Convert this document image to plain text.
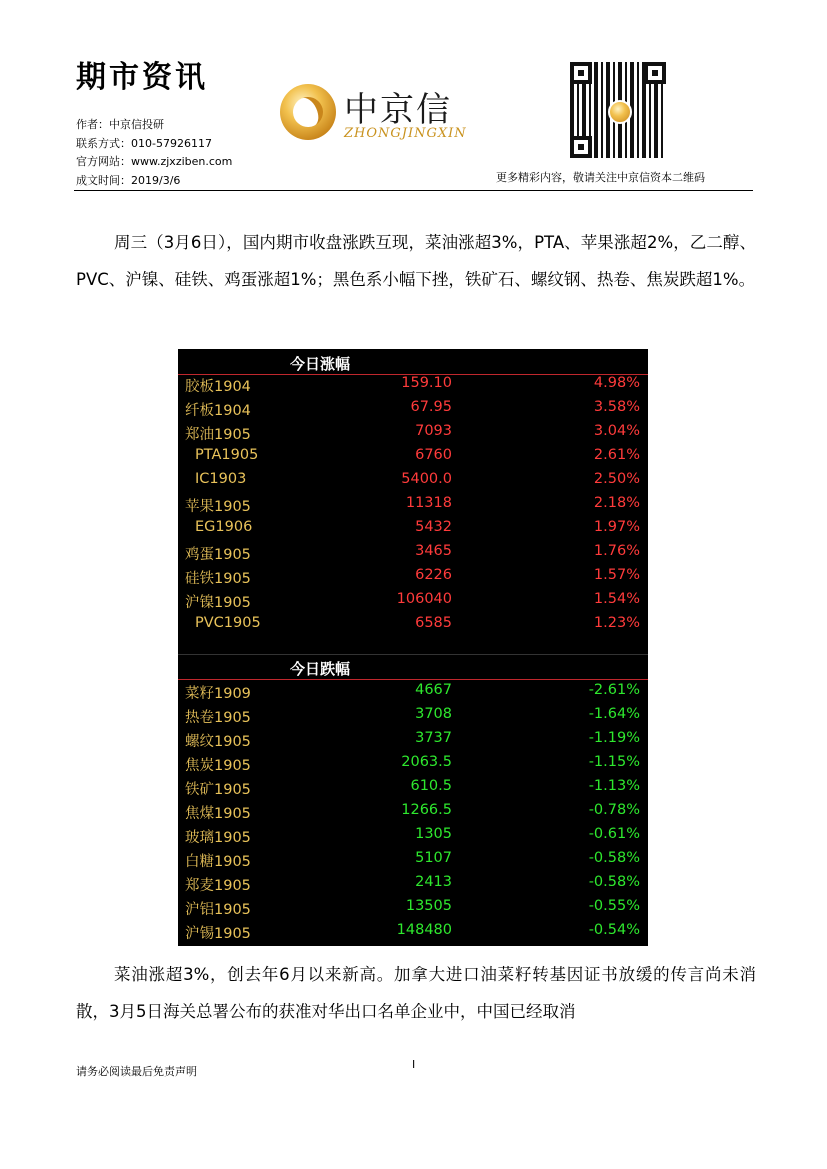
期市资讯
作者：中京信投研
联系方式：010-57926117
官方网站：www.zjxziben.com
成文时间：2019/3/6
中京信
ZHONGJINGXIN
更多精彩内容，敬请关注中京信资本二维码
周三（3月6日），国内期市收盘涨跌互现，菜油涨超3%，PTA、苹果涨超2%，乙二醇、PVC、沪镍、硅铁、鸡蛋涨超1%；黑色系小幅下挫，铁矿石、螺纹钢、热卷、焦炭跌超1%。
今日涨幅
胶板1904	159.10	4.98%
纤板1904	67.95	3.58%
郑油1905	7093	3.04%
PTA1905	6760	2.61%
IC1903	5400.0	2.50%
苹果1905	11318	2.18%
EG1906	5432	1.97%
鸡蛋1905	3465	1.76%
硅铁1905	6226	1.57%
沪镍1905	106040	1.54%
PVC1905	6585	1.23%
今日跌幅
菜籽1909	4667	-2.61%
热卷1905	3708	-1.64%
螺纹1905	3737	-1.19%
焦炭1905	2063.5	-1.15%
铁矿1905	610.5	-1.13%
焦煤1905	1266.5	-0.78%
玻璃1905	1305	-0.61%
白糖1905	5107	-0.58%
郑麦1905	2413	-0.58%
沪铝1905	13505	-0.55%
沪锡1905	148480	-0.54%
菜油涨超3%，创去年6月以来新高。加拿大进口油菜籽转基因证书放缓的传言尚未消散，3月5日海关总署公布的获准对华出口名单企业中，中国已经取消
请务必阅读最后免责声明
I
